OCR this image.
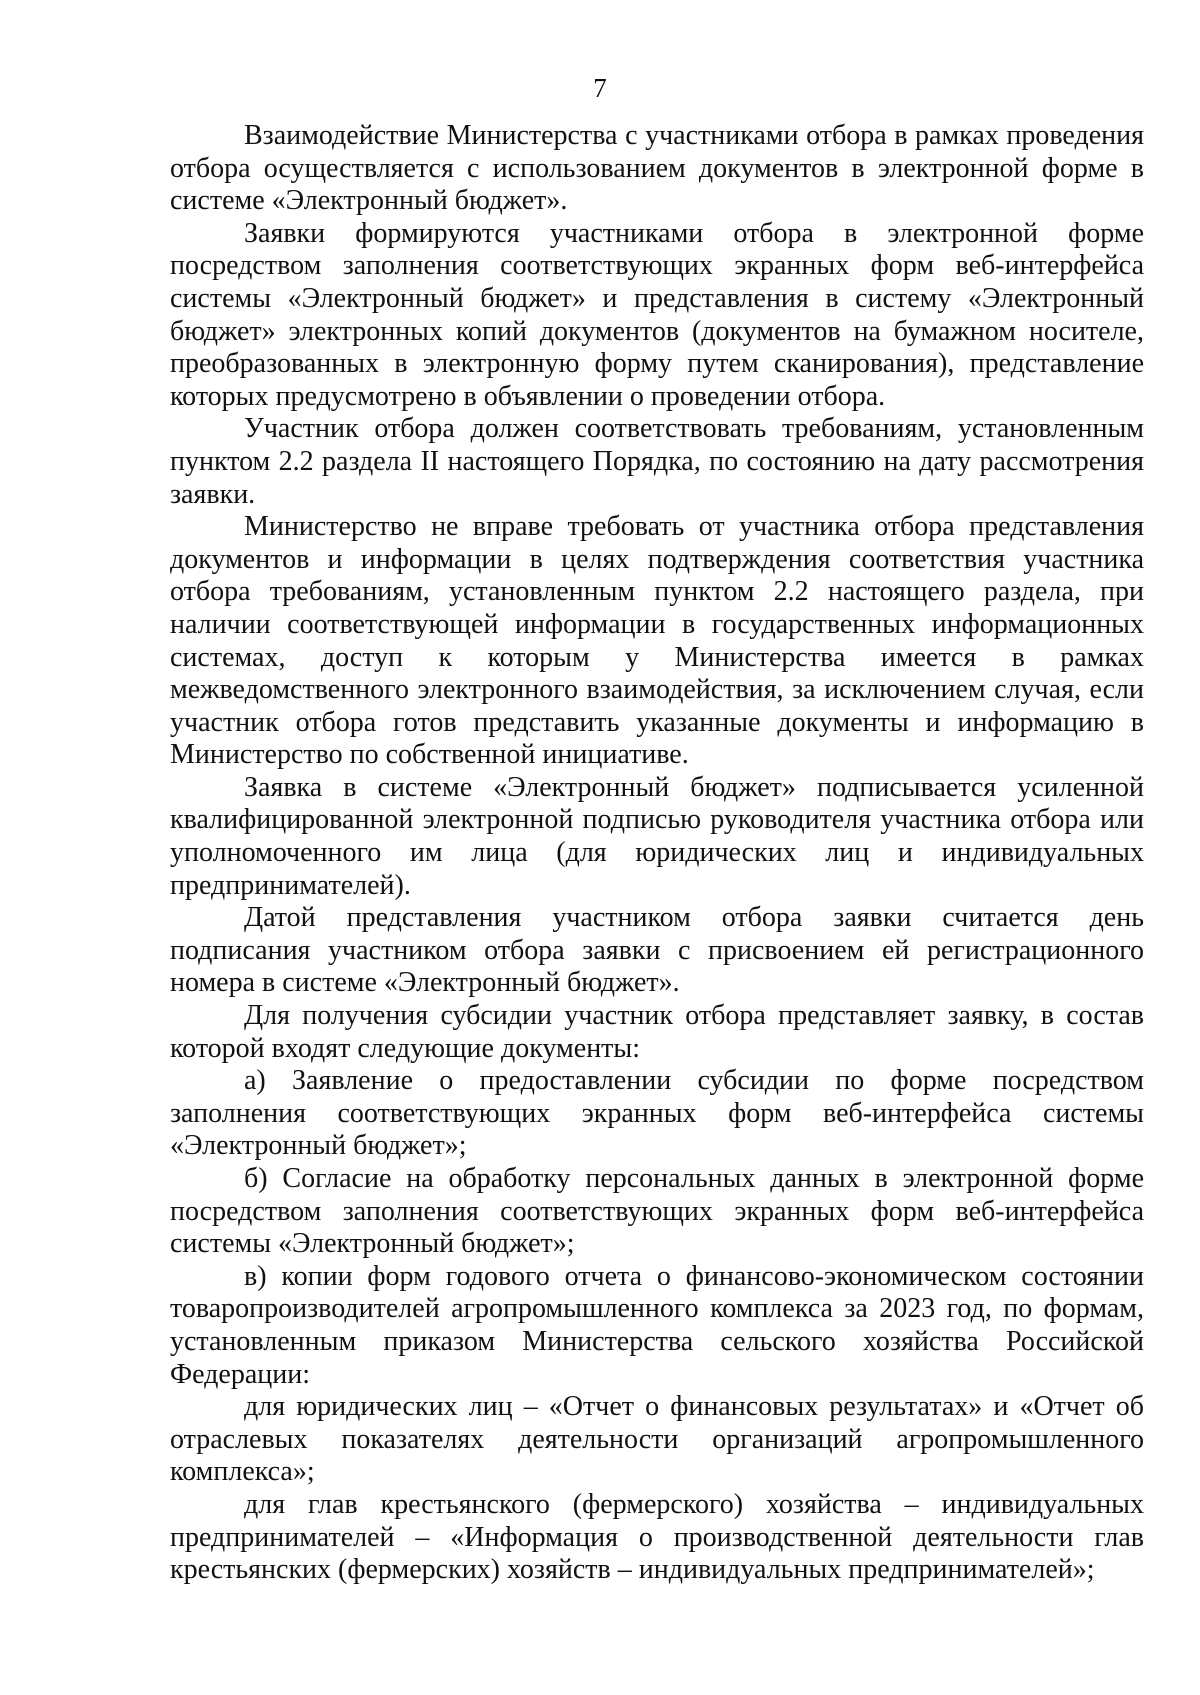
7

Взаимодействие Министерства с участниками отбора в рамках проведения отбора осуществляется с использованием документов в электронной форме в системе «Электронный бюджет».

Заявки формируются участниками отбора в электронной форме посредством заполнения соответствующих экранных форм веб-интерфейса системы «Электронный бюджет» и представления в систему «Электронный бюджет» электронных копий документов (документов на бумажном носителе, преобразованных в электронную форму путем сканирования), представление которых предусмотрено в объявлении о проведении отбора.

Участник отбора должен соответствовать требованиям, установленным пунктом 2.2 раздела II настоящего Порядка, по состоянию на дату рассмотрения заявки.

Министерство не вправе требовать от участника отбора представления документов и информации в целях подтверждения соответствия участника отбора требованиям, установленным пунктом 2.2 настоящего раздела, при наличии соответствующей информации в государственных информационных системах, доступ к которым у Министерства имеется в рамках межведомственного электронного взаимодействия, за исключением случая, если участник отбора готов представить указанные документы и информацию в Министерство по собственной инициативе.

Заявка в системе «Электронный бюджет» подписывается усиленной квалифицированной электронной подписью руководителя участника отбора или уполномоченного им лица (для юридических лиц и индивидуальных предпринимателей).

Датой представления участником отбора заявки считается день подписания участником отбора заявки с присвоением ей регистрационного номера в системе «Электронный бюджет».

Для получения субсидии участник отбора представляет заявку, в состав которой входят следующие документы:

а) Заявление о предоставлении субсидии по форме посредством заполнения соответствующих экранных форм веб-интерфейса системы «Электронный бюджет»;

б) Согласие на обработку персональных данных в электронной форме посредством заполнения соответствующих экранных форм веб-интерфейса системы «Электронный бюджет»;

в) копии форм годового отчета о финансово-экономическом состоянии товаропроизводителей агропромышленного комплекса за 2023 год, по формам, установленным приказом Министерства сельского хозяйства Российской Федерации:

для юридических лиц – «Отчет о финансовых результатах» и «Отчет об отраслевых показателях деятельности организаций агропромышленного комплекса»;

для глав крестьянского (фермерского) хозяйства – индивидуальных предпринимателей – «Информация о производственной деятельности глав крестьянских (фермерских) хозяйств – индивидуальных предпринимателей»;
